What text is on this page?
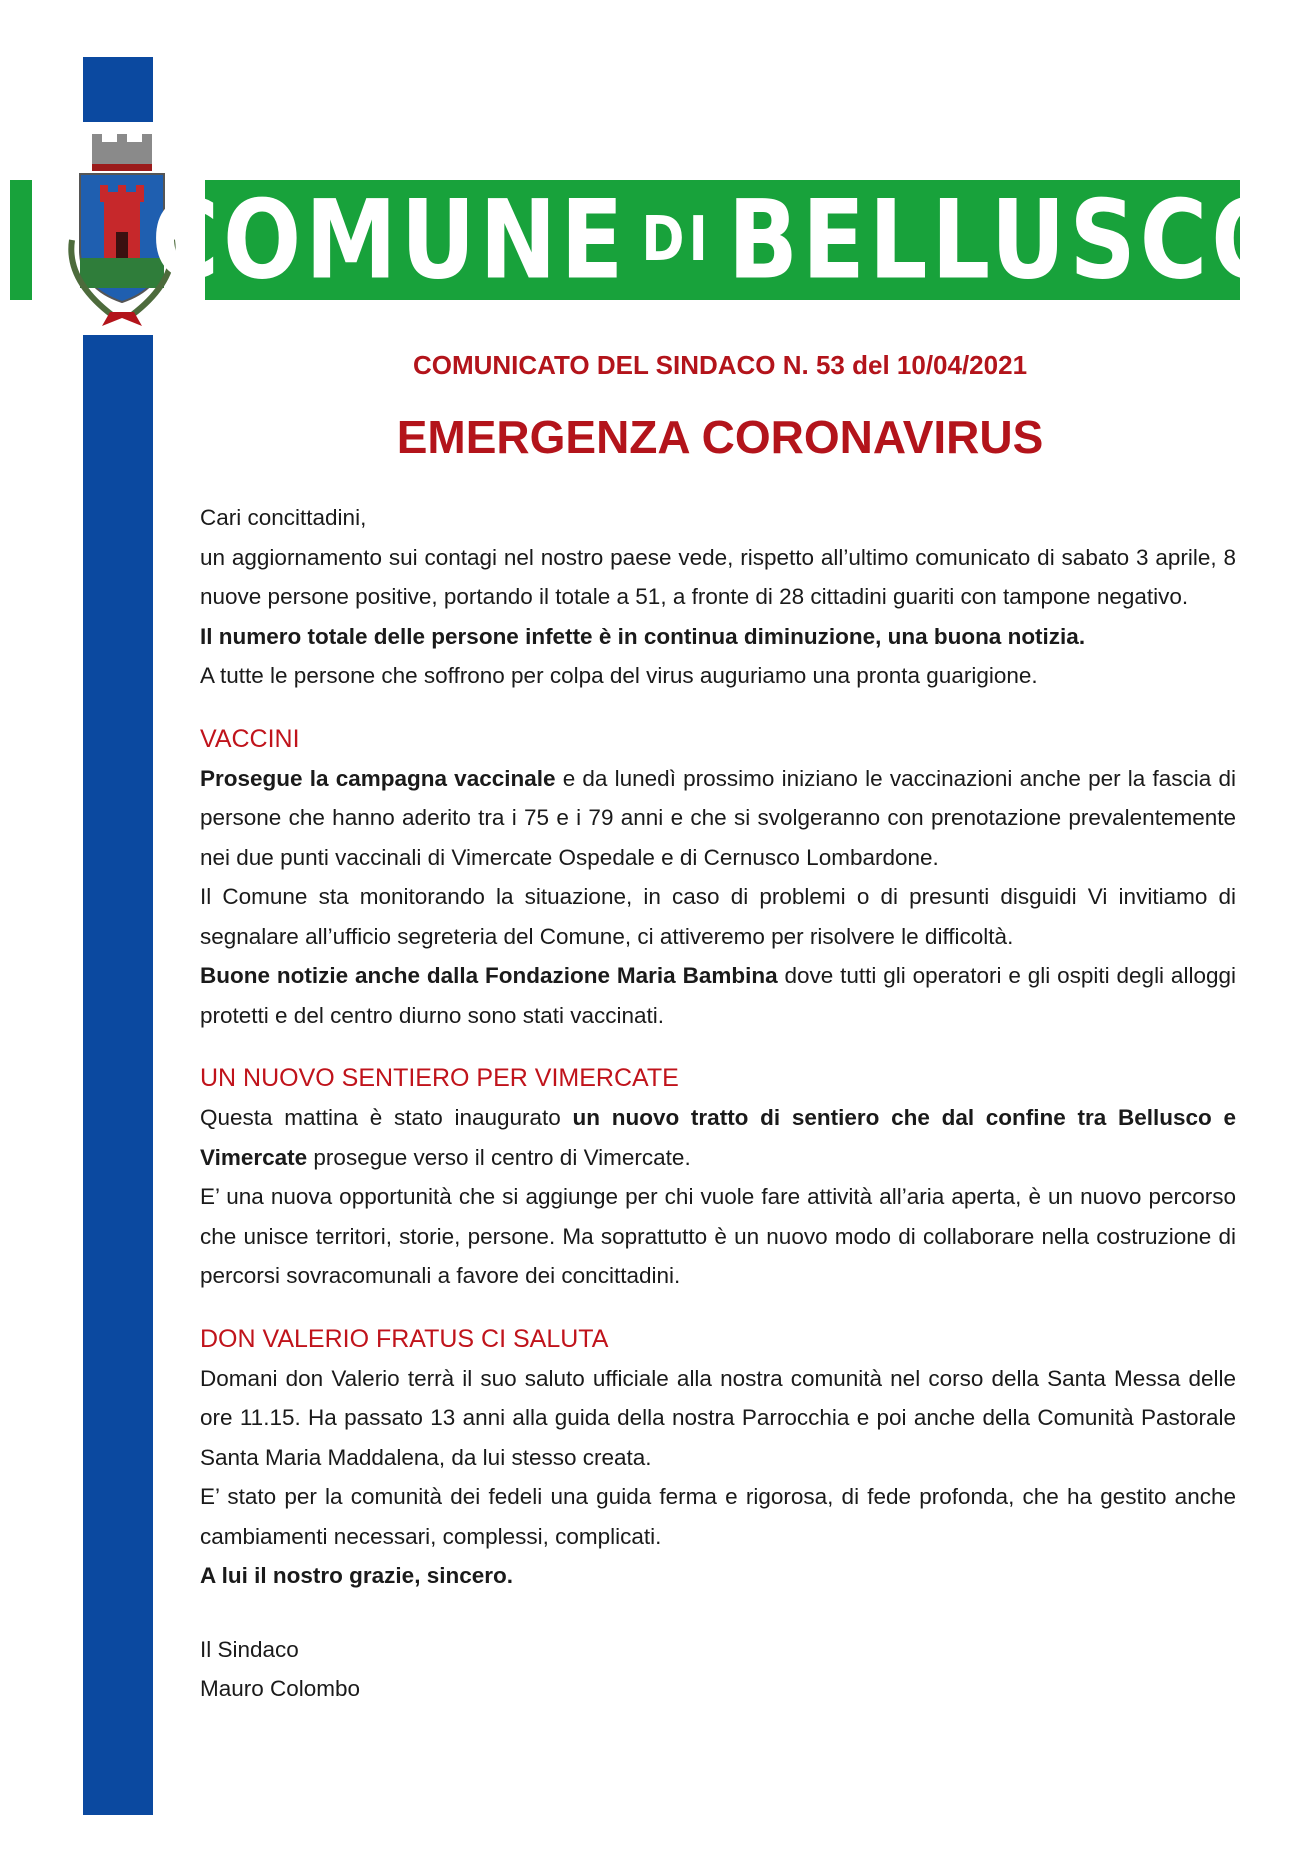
COMUNE DI BELLUSCO
COMUNICATO DEL SINDACO N. 53 del 10/04/2021
EMERGENZA CORONAVIRUS

Cari concittadini,

un aggiornamento sui contagi nel nostro paese vede, rispetto all’ultimo comunicato di sabato 3 aprile, 8 nuove persone positive, portando il totale a 51, a fronte di 28 cittadini guariti con tampone negativo.

Il numero totale delle persone infette è in continua diminuzione, una buona notizia.

A tutte le persone che soffrono per colpa del virus auguriamo una pronta guarigione.

VACCINI

Prosegue la campagna vaccinale e da lunedì prossimo iniziano le vaccinazioni anche per la fascia di persone che hanno aderito tra i 75 e i 79 anni e che si svolgeranno con prenotazione prevalentemente nei due punti vaccinali di Vimercate Ospedale e di Cernusco Lombardone.

Il Comune sta monitorando la situazione, in caso di problemi o di presunti disguidi Vi invitiamo di segnalare all’ufficio segreteria del Comune, ci attiveremo per risolvere le difficoltà.

Buone notizie anche dalla Fondazione Maria Bambina dove tutti gli operatori e gli ospiti degli alloggi protetti e del centro diurno sono stati vaccinati.

UN NUOVO SENTIERO PER VIMERCATE

Questa mattina è stato inaugurato un nuovo tratto di sentiero che dal confine tra Bellusco e Vimercate prosegue verso il centro di Vimercate.

E’ una nuova opportunità che si aggiunge per chi vuole fare attività all’aria aperta, è un nuovo percorso che unisce territori, storie, persone. Ma soprattutto è un nuovo modo di collaborare nella costruzione di percorsi sovracomunali a favore dei concittadini.

DON VALERIO FRATUS CI SALUTA

Domani don Valerio terrà il suo saluto ufficiale alla nostra comunità nel corso della Santa Messa delle ore 11.15. Ha passato 13 anni alla guida della nostra Parrocchia e poi anche della Comunità Pastorale Santa Maria Maddalena, da lui stesso creata.

E’ stato per la comunità dei fedeli una guida ferma e rigorosa, di fede profonda, che ha gestito anche cambiamenti necessari, complessi, complicati.

A lui il nostro grazie, sincero.

Il Sindaco

Mauro Colombo
